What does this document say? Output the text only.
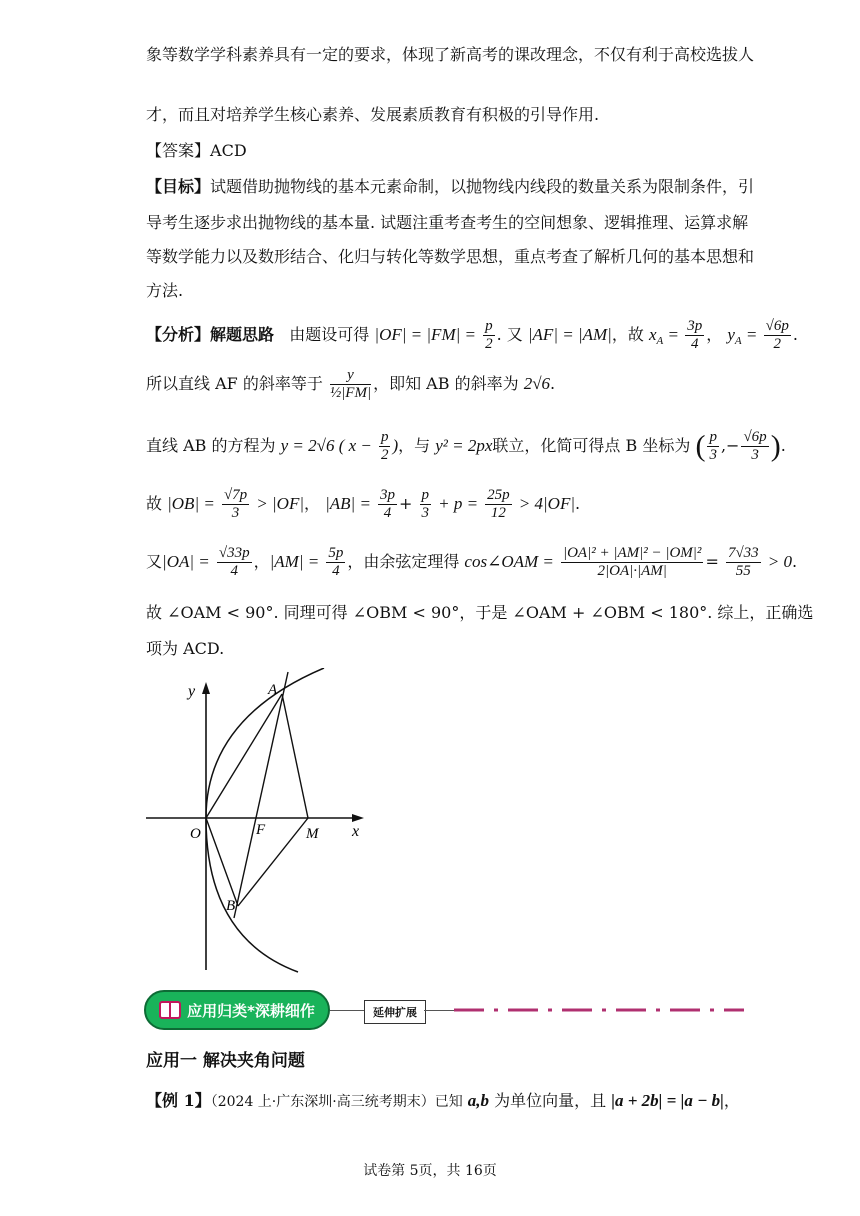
象等数学学科素养具有一定的要求，体现了新高考的课改理念，不仅有利于高校选拔人
才，而且对培养学生核心素养、发展素质教育有积极的引导作用.
【答案】ACD
【目标】试题借助抛物线的基本元素命制，以抛物线内线段的数量关系为限制条件，引
导考生逐步求出抛物线的基本量. 试题注重考查考生的空间想象、逻辑推理、运算求解
等数学能力以及数形结合、化归与转化等数学思想，重点考查了解析几何的基本思想和
方法.
【分析】解题思路 由题设可得 $|OF| = |FM| = \frac{p}{2}$ . 又 |AF| = |AM|，故 $x_A = \frac{3p}{4}$ ， $y_A = \frac{√6p}{2}$ .
所以直线 AF 的斜率等于 $\frac{y}{\text{½|FM|}}$ ，即知 AB 的斜率为 2√6.
直线 AB 的方程为 y = 2√6 ( $x - \frac{p}{2}$ )，与 y² = 2px联立，化简可得点 B 坐标为 ( $\frac{p}{3}$ ,− $\frac{√6p}{3}$ ).
故 $|OB| = \frac{√7p}{3} > |OF|$， $|AB| = \frac{3p}{4} + \frac{p}{3} + p = \frac{25p}{12} > 4|OF|$.
又$|OA| = \frac{√33p}{4}$ ，$|AM| = \frac{5p}{4}$ ，由余弦定理得 cos∠OAM = $\frac{\text{|OA|² + |AM|² − |OM|²}}{2|OA|\cdot|AM|} = \frac{7√33}{55} > 0$.
故 ∠OAM < 90°. 同理可得 ∠OBM < 90°，于是 ∠OAM + ∠OBM < 180°. 综上，正确选
项为 ACD.
y
x
O	F	M
A
B
应用归类*深耕细作	延伸扩展
应用一 解决夹角问题
【例 1】（2024 上·广东深圳·高三统考期末）已知 a,b 为单位向量，且 |a + 2b| = |a − b|，
试卷第 5页，共 16页
